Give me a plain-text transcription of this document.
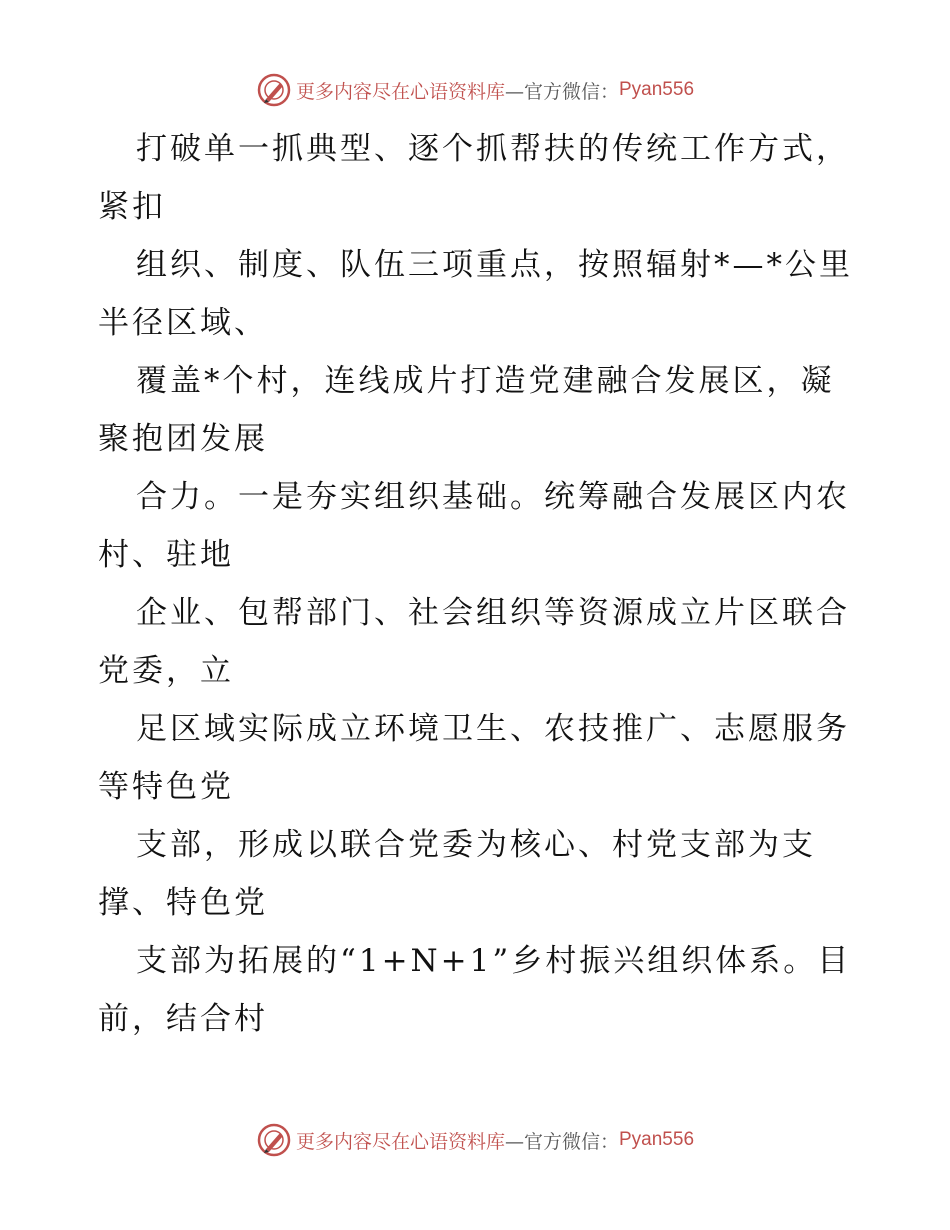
更多内容尽在心语资料库 —官方微信： Pyan556
打破单一抓典型、逐个抓帮扶的传统工作方式，
紧扣
组织、制度、队伍三项重点，按照辐射*—*公里
半径区域、
覆盖*个村，连线成片打造党建融合发展区，凝
聚抱团发展
合力。一是夯实组织基础。统筹融合发展区内农
村、驻地
企业、包帮部门、社会组织等资源成立片区联合
党委，立
足区域实际成立环境卫生、农技推广、志愿服务
等特色党
支部，形成以联合党委为核心、村党支部为支
撑、特色党
支部为拓展的“1+N+1”乡村振兴组织体系。目
前，结合村
更多内容尽在心语资料库 —官方微信： Pyan556
